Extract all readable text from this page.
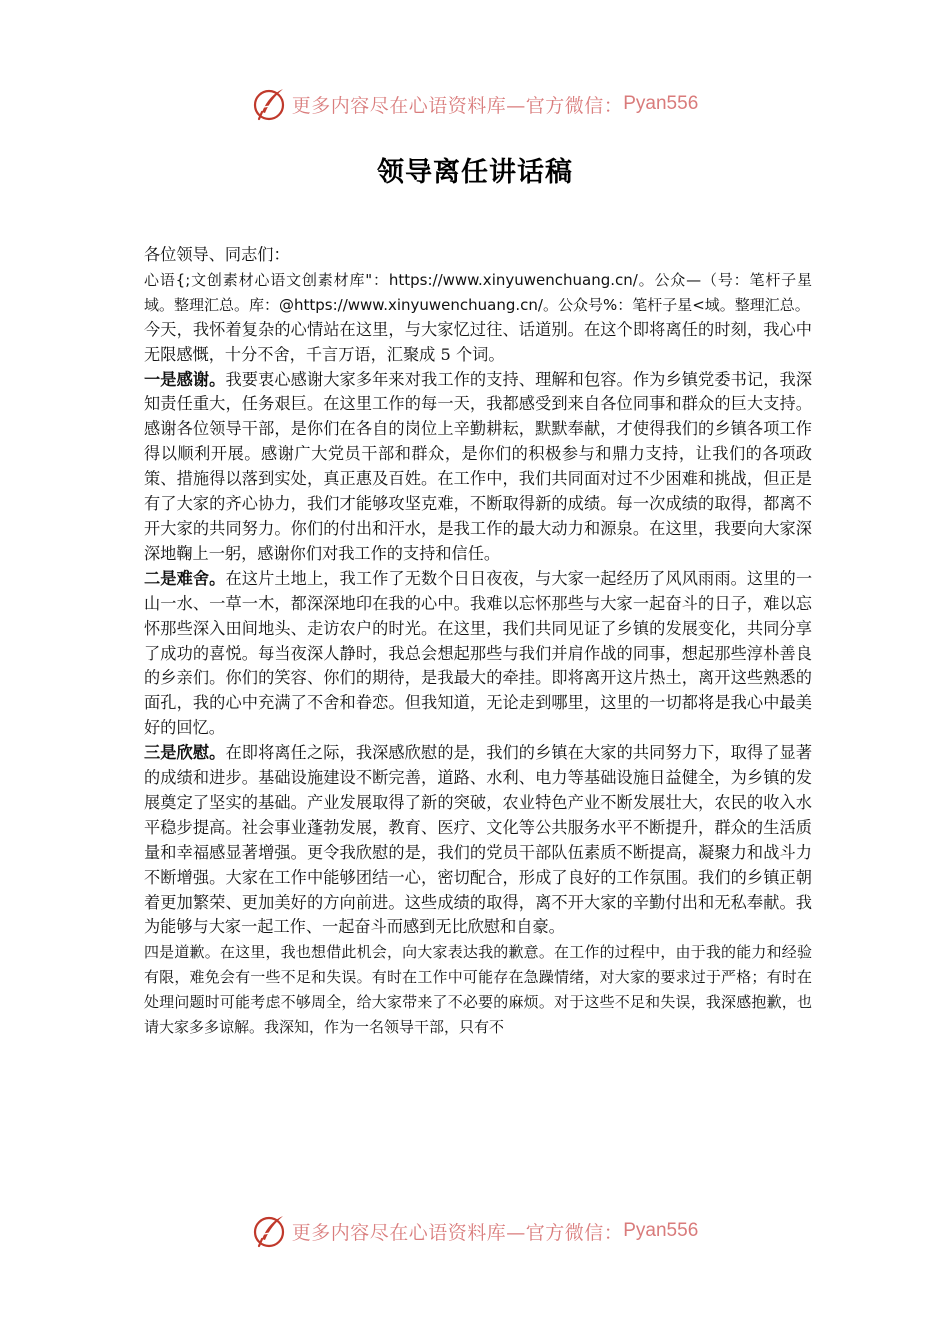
更多内容尽在心语资料库—官方微信： Pyan556
领导离任讲话稿

各位领导、同志们：

心语{;文创素材心语文创素材库"：https://www.xinyuwenchuang.cn/。公众—（号：笔杆子星域。整理汇总。库：@https://www.xinyuwenchuang.cn/。公众号%：笔杆子星<域。整理汇总。

今天，我怀着复杂的心情站在这里，与大家忆过往、话道别。在这个即将离任的时刻，我心中无限感慨，十分不舍，千言万语，汇聚成 5 个词。

一是感谢。我要衷心感谢大家多年来对我工作的支持、理解和包容。作为乡镇党委书记，我深知责任重大，任务艰巨。在这里工作的每一天，我都感受到来自各位同事和群众的巨大支持。感谢各位领导干部，是你们在各自的岗位上辛勤耕耘，默默奉献，才使得我们的乡镇各项工作得以顺利开展。感谢广大党员干部和群众，是你们的积极参与和鼎力支持，让我们的各项政策、措施得以落到实处，真正惠及百姓。在工作中，我们共同面对过不少困难和挑战，但正是有了大家的齐心协力，我们才能够攻坚克难，不断取得新的成绩。每一次成绩的取得，都离不开大家的共同努力。你们的付出和汗水，是我工作的最大动力和源泉。在这里，我要向大家深深地鞠上一躬，感谢你们对我工作的支持和信任。

二是难舍。在这片土地上，我工作了无数个日日夜夜，与大家一起经历了风风雨雨。这里的一山一水、一草一木，都深深地印在我的心中。我难以忘怀那些与大家一起奋斗的日子，难以忘怀那些深入田间地头、走访农户的时光。在这里，我们共同见证了乡镇的发展变化，共同分享了成功的喜悦。每当夜深人静时，我总会想起那些与我们并肩作战的同事，想起那些淳朴善良的乡亲们。你们的笑容、你们的期待，是我最大的牵挂。即将离开这片热土，离开这些熟悉的面孔，我的心中充满了不舍和眷恋。但我知道，无论走到哪里，这里的一切都将是我心中最美好的回忆。

三是欣慰。在即将离任之际，我深感欣慰的是，我们的乡镇在大家的共同努力下，取得了显著的成绩和进步。基础设施建设不断完善，道路、水利、电力等基础设施日益健全，为乡镇的发展奠定了坚实的基础。产业发展取得了新的突破，农业特色产业不断发展壮大，农民的收入水平稳步提高。社会事业蓬勃发展，教育、医疗、文化等公共服务水平不断提升，群众的生活质量和幸福感显著增强。更令我欣慰的是，我们的党员干部队伍素质不断提高，凝聚力和战斗力不断增强。大家在工作中能够团结一心，密切配合，形成了良好的工作氛围。我们的乡镇正朝着更加繁荣、更加美好的方向前进。这些成绩的取得，离不开大家的辛勤付出和无私奉献。我为能够与大家一起工作、一起奋斗而感到无比欣慰和自豪。

四是道歉。在这里，我也想借此机会，向大家表达我的歉意。在工作的过程中，由于我的能力和经验有限，难免会有一些不足和失误。有时在工作中可能存在急躁情绪，对大家的要求过于严格；有时在处理问题时可能考虑不够周全，给大家带来了不必要的麻烦。对于这些不足和失误，我深感抱歉，也请大家多多谅解。我深知，作为一名领导干部，只有不

更多内容尽在心语资料库—官方微信： Pyan556
